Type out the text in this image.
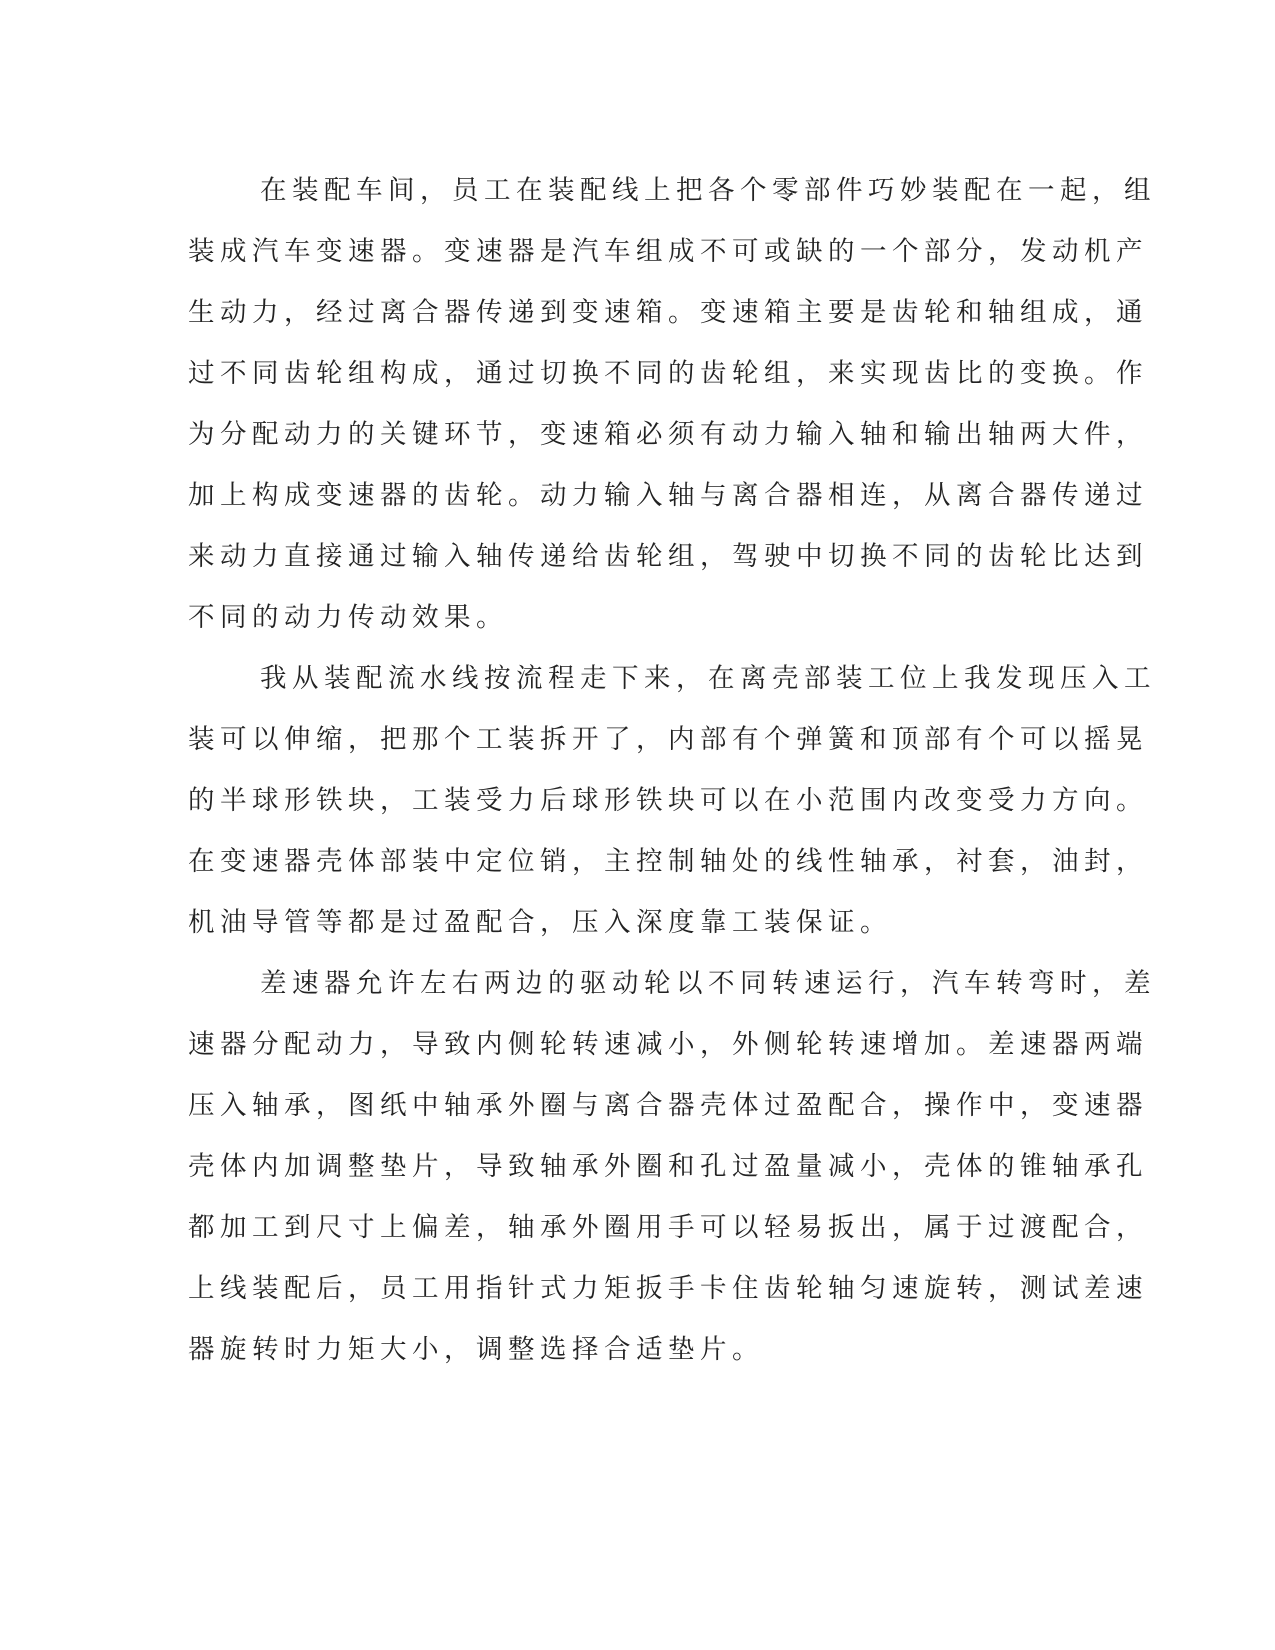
在装配车间，员工在装配线上把各个零部件巧妙装配在一起，组
装成汽车变速器。变速器是汽车组成不可或缺的一个部分，发动机产
生动力，经过离合器传递到变速箱。变速箱主要是齿轮和轴组成，通
过不同齿轮组构成，通过切换不同的齿轮组，来实现齿比的变换。作
为分配动力的关键环节，变速箱必须有动力输入轴和输出轴两大件，
加上构成变速器的齿轮。动力输入轴与离合器相连，从离合器传递过
来动力直接通过输入轴传递给齿轮组，驾驶中切换不同的齿轮比达到
不同的动力传动效果。
我从装配流水线按流程走下来，在离壳部装工位上我发现压入工
装可以伸缩，把那个工装拆开了，内部有个弹簧和顶部有个可以摇晃
的半球形铁块，工装受力后球形铁块可以在小范围内改变受力方向。
在变速器壳体部装中定位销，主控制轴处的线性轴承，衬套，油封，
机油导管等都是过盈配合，压入深度靠工装保证。
差速器允许左右两边的驱动轮以不同转速运行，汽车转弯时，差
速器分配动力，导致内侧轮转速减小，外侧轮转速增加。差速器两端
压入轴承，图纸中轴承外圈与离合器壳体过盈配合，操作中，变速器
壳体内加调整垫片，导致轴承外圈和孔过盈量减小，壳体的锥轴承孔
都加工到尺寸上偏差，轴承外圈用手可以轻易扳出，属于过渡配合，
上线装配后，员工用指针式力矩扳手卡住齿轮轴匀速旋转，测试差速
器旋转时力矩大小，调整选择合适垫片。
